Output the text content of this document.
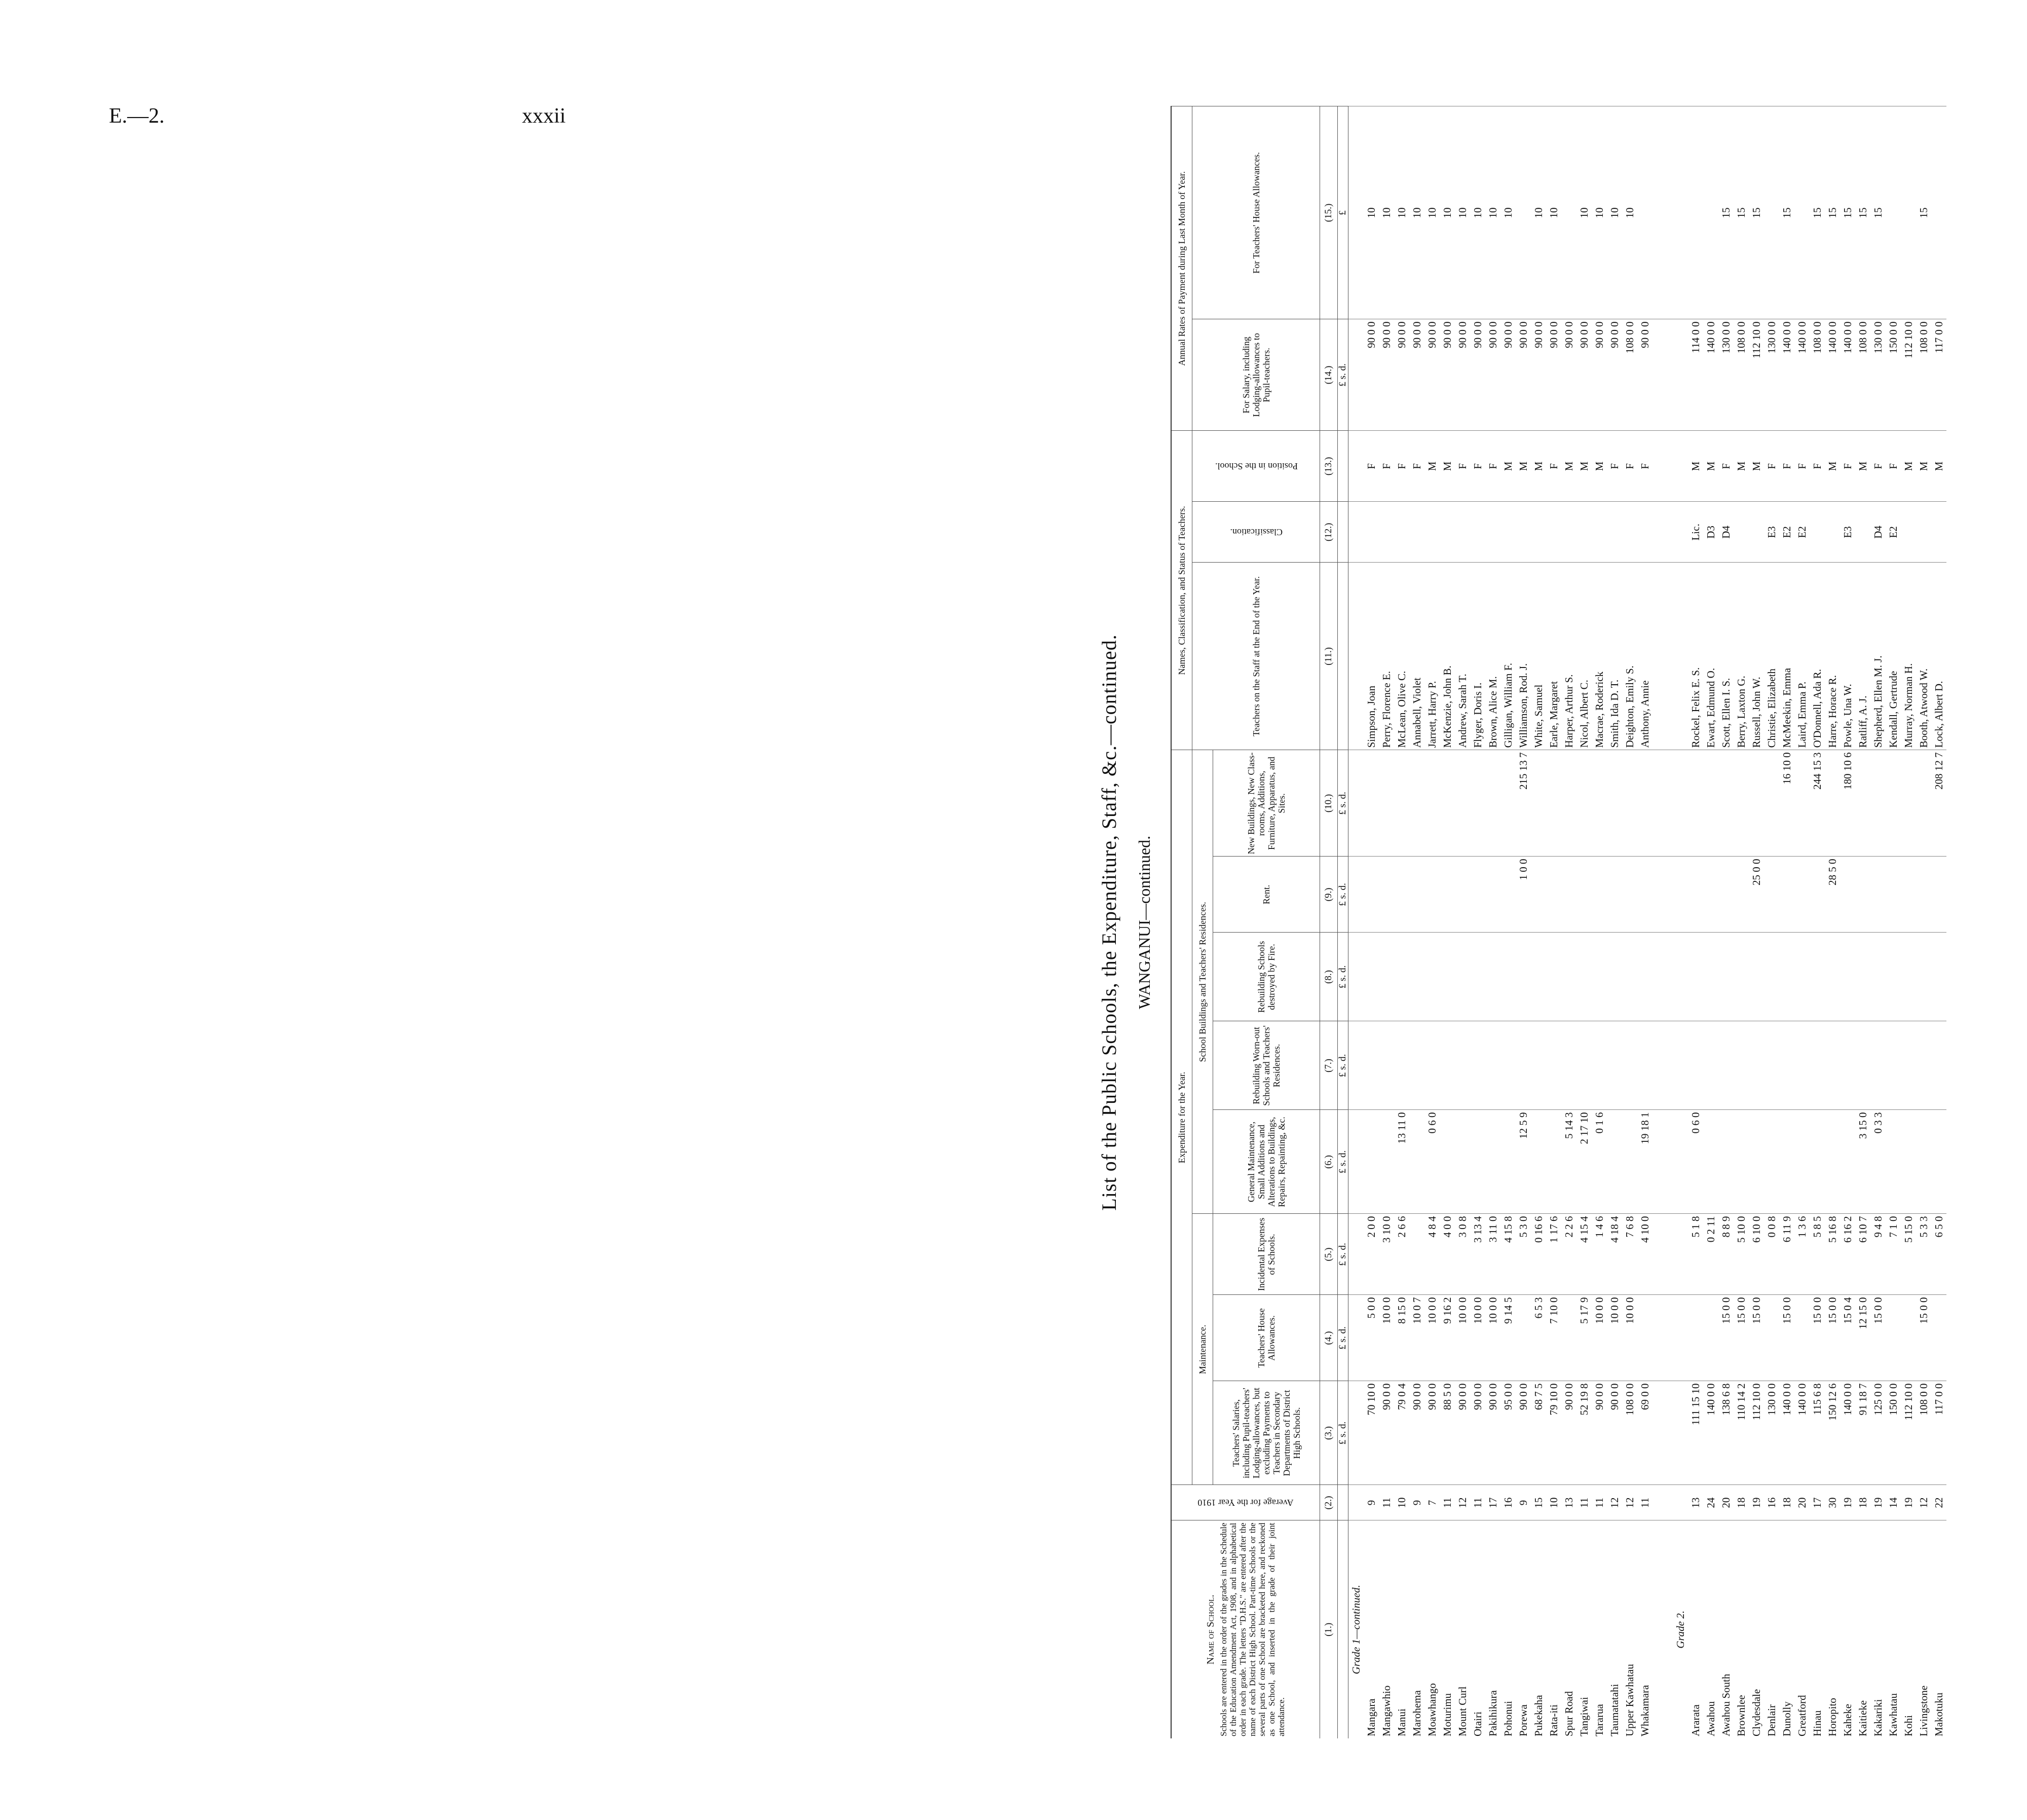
E.—2.	xxxii
List of the Public Schools, the Expenditure, Staff, &c.—continued. WANGANUI—continued.
Name of School. Schools are entered in the order of the grades in the Schedule of the Education Amendment Act, 1908, and in alphabetical order in each grade. The letters "D.H.S." are entered after the name of each District High School. Part-time Schools or the several parts of one School are bracketed here, and reckoned as one School, and inserted in the grade of their joint attendance.	Average for the Year 1910	Expenditure for the Year.								Names, Classification, and Status of Teachers.			Annual Rates of Payment during Last Month of Year.	
		Maintenance.			School Buildings and Teachers' Residences.					Teachers on the Staff at the End of the Year.	Classification.	Position in the School.	For Salary, including Lodging-allowances to Pupil-teachers.	For Teachers' House Allowances.
		Teachers' Salaries, including Pupil-teachers' Lodging-allowances, but excluding Payments to Teachers in Secondary Departments of District High Schools.	Teachers' House Allowances.	Incidental Expenses of Schools.	General Maintenance, Small Additions and Alterations to Buildings, Repairs, Repainting, &c.	Rebuilding Worn-out Schools and Teachers' Residences.	Rebuilding Schools destroyed by Fire.	Rent.	New Buildings, New Class-rooms, Additions, Furniture, Apparatus, and Sites.					
(1.)	(2.)	(3.)	(4.)	(5.)	(6.)	(7.)	(8.)	(9.)	(10.)	(11.)	(12.)	(13.)	(14.)	(15.)
		£ s. d.	£ s. d.	£ s. d.	£ s. d.	£ s. d.	£ s. d.	£ s. d.	£ s. d.				£ s. d.	£
Grade 1—continued.														
Mangara	9	70 10 0	5 0 0	2 0 0						Simpson, Joan		F	90 0 0	10
Mangawhio	11	90 0 0	10 0 0	3 10 0						Perry, Florence E.		F	90 0 0	10
Manui	10	79 0 4	8 15 0	2 6 6	13 11 0					McLean, Olive C.		F	90 0 0	10
Marohema	9	90 0 0	10 0 7							Annabell, Violet		F	90 0 0	10
Moawhango	7	90 0 0	10 0 0	4 8 4	0 6 0					Jarrett, Harry P.		M	90 0 0	10
Moturimu	11	88 5 0	9 16 2	4 0 0						McKenzie, John B.		M	90 0 0	10
Mount Curl	12	90 0 0	10 0 0	3 0 8						Andrew, Sarah T.		F	90 0 0	10
Otairi	11	90 0 0	10 0 0	3 13 4						Flyger, Doris I.		F	90 0 0	10
Pakihikura	17	90 0 0	10 0 0	3 11 0						Brown, Alice M.		F	90 0 0	10
Pohonui	16	95 0 0	9 14 5	4 15 8						Gilligan, William F.		M	90 0 0	10
Porewa	9	90 0 0		5 3 0	12 5 9			1 0 0	215 13 7	Williamson, Rod. J.		M	90 0 0	
Pukekaha	15	68 7 5	6 5 3	0 16 6						White, Samuel		M	90 0 0	10
Rata-iti	10	79 10 0	7 10 0	1 17 6						Earle, Margaret		F	90 0 0	10
Spur Road	13	90 0 0		2 2 6	5 14 3					Harper, Arthur S.		M	90 0 0	
Tangiwai	11	52 19 8	5 17 9	4 15 4	2 17 10					Nicol, Albert C.		M	90 0 0	10
Tararua	11	90 0 0	10 0 0	1 4 6	0 1 6					Macrae, Roderick		M	90 0 0	10
Taumatatahi	12	90 0 0	10 0 0	4 18 4						Smith, Ida D. T.		F	90 0 0	10
Upper Kawhatau	12	108 0 0	10 0 0	7 6 8						Deighton, Emily S.		F	108 0 0	10
Whakamara	11	69 0 0		4 10 0	19 18 1					Anthony, Annie		F	90 0 0	

Grade 2.														
Ararata	13	111 15 10		5 1 8	0 6 0					Rockel, Felix E. S.	Lic.	M	114 0 0	
Awahou	24	140 0 0		0 2 11						Ewart, Edmund O.	D3	M	140 0 0	
Awahou South	20	138 6 8	15 0 0	8 8 9						Scott, Ellen I. S.	D4	F	130 0 0	15
Brownlee	18	110 14 2	15 0 0	5 10 0						Berry, Laxton G.		M	108 0 0	15
Clydesdale	19	112 10 0	15 0 0	6 10 0				25 0 0		Russell, John W.		M	112 10 0	15
Denlair	16	130 0 0		0 0 8						Christie, Elizabeth	E3	F	130 0 0	
Dunolly	18	140 0 0	15 0 0	6 11 9					16 10 0	McMeekin, Emma	E2	F	140 0 0	15
Greatford	20	140 0 0		1 3 6						Laird, Emma P.	E2	F	140 0 0	
Hinau	17	115 6 8	15 0 0	5 8 5					244 15 3	O'Donnell, Ada R.		F	108 0 0	15
Horopito	30	150 12 6	15 0 0	5 16 8				28 5 0		Harre, Horace R.		M	140 0 0	15
Kaheke	19	140 0 0	15 0 4	6 16 2					180 10 6	Powle, Una W.	E3	F	140 0 0	15
Kaitieke	18	91 18 7	12 15 0	6 10 7	3 15 0					Ratliff, A. J.		M	108 0 0	15
Kakariki	19	125 0 0	15 0 0	9 4 8	0 3 3					Shepherd, Ellen M. J.	D4	F	130 0 0	15
Kawhatau	14	150 0 0		7 1 0						Kendall, Gertrude	E2	F	150 0 0	
Kohi	19	112 10 0		5 15 0						Murray, Norman H.		M	112 10 0	
Livingstone	12	108 0 0	15 0 0	5 3 3						Booth, Atwood W.		M	108 0 0	15
Makotuku	22	117 0 0		6 5 0					208 12 7	Lock, Albert D.		M	117 0 0	
